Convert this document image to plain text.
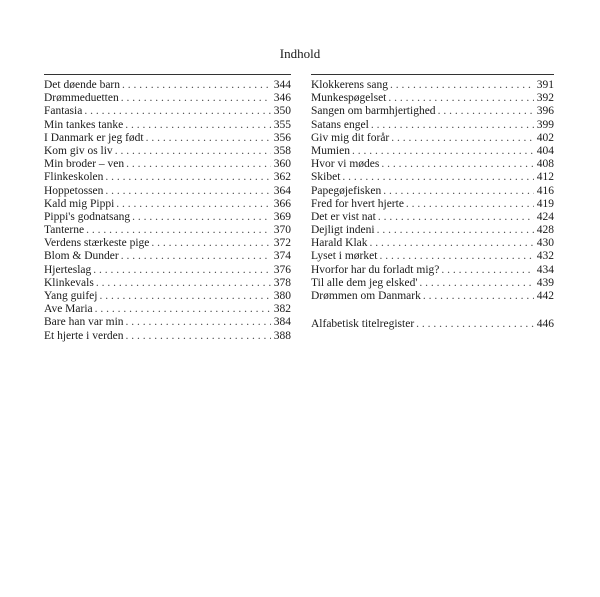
Indhold
Det døende barn . . .	344
Drømmeduetten . . .	346
Fantasia . . .	350
Min tankes tanke . . .	355
I Danmark er jeg født . . .	356
Kom giv os liv . . .	358
Min broder – ven . . .	360
Flinkeskolen . . .	362
Hoppetossen . . .	364
Kald mig Pippi . . .	366
Pippi's godnatsang . . .	369
Tanterne . . .	370
Verdens stærkeste pige . . .	372
Blom & Dunder . . .	374
Hjerteslag . . .	376
Klinkevals . . .	378
Yang guifej . . .	380
Ave Maria . . .	382
Bare han var min . . .	384
Et hjerte i verden . . .	388
Klokkerens sang . . .	391
Munkespøgelset . . .	392
Sangen om barmhjertighed . . .	396
Satans engel . . .	399
Giv mig dit forår . . .	402
Mumien . . .	404
Hvor vi mødes . . .	408
Skibet . . .	412
Papegøjefisken . . .	416
Fred for hvert hjerte . . .	419
Det er vist nat . . .	424
Dejligt indeni . . .	428
Harald Klak . . .	430
Lyset i mørket . . .	432
Hvorfor har du forladt mig? . . .	434
Til alle dem jeg elsked' . . .	439
Drømmen om Danmark . . .	442
Alfabetisk titelregister . . .	446
